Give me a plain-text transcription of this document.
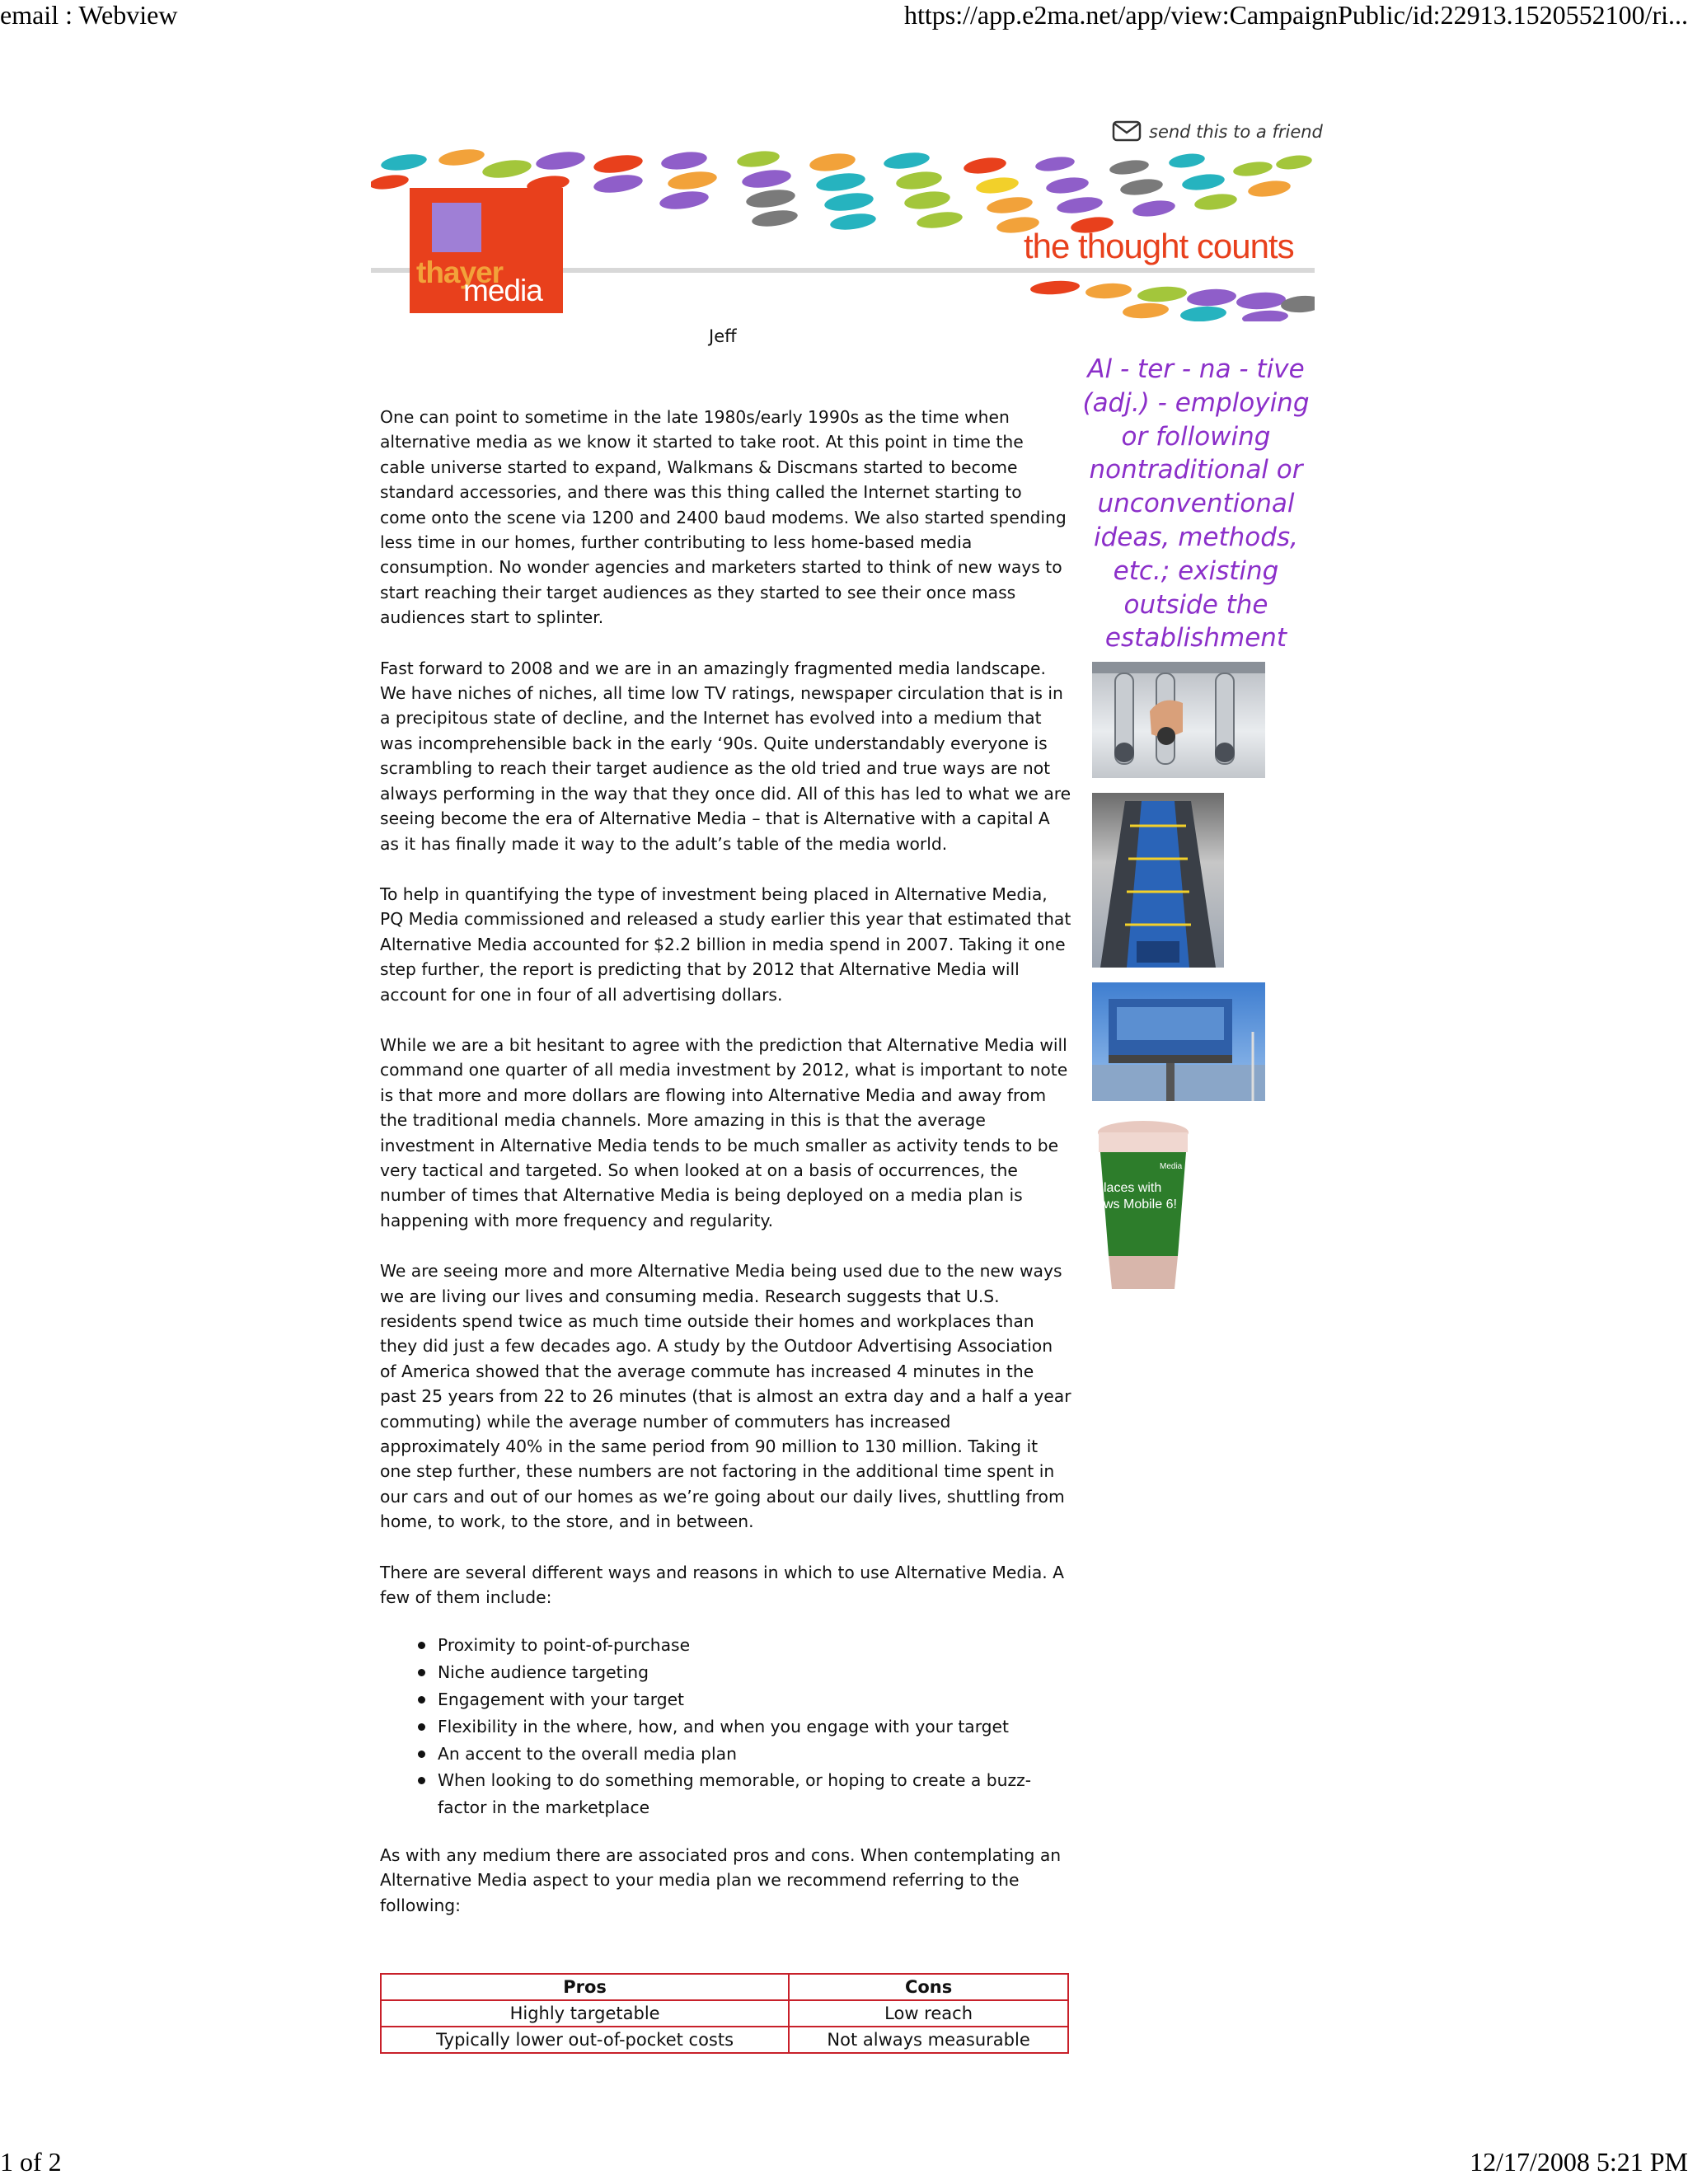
email : Webview	https://app.e2ma.net/app/view:CampaignPublic/id:22913.1520552100/ri...
send this to a friend
thayer
media
the thought counts
Jeff

One can point to sometime in the late 1980s/early 1990s as the time when alternative media as we know it started to take root. At this point in time the cable universe started to expand, Walkmans & Discmans started to become standard accessories, and there was this thing called the Internet starting to come onto the scene via 1200 and 2400 baud modems. We also started spending less time in our homes, further contributing to less home-based media consumption. No wonder agencies and marketers started to think of new ways to start reaching their target audiences as they started to see their once mass audiences start to splinter.

Fast forward to 2008 and we are in an amazingly fragmented media landscape. We have niches of niches, all time low TV ratings, newspaper circulation that is in a precipitous state of decline, and the Internet has evolved into a medium that was incomprehensible back in the early ‘90s. Quite understandably everyone is scrambling to reach their target audience as the old tried and true ways are not always performing in the way that they once did. All of this has led to what we are seeing become the era of Alternative Media – that is Alternative with a capital A as it has finally made it way to the adult’s table of the media world.

To help in quantifying the type of investment being placed in Alternative Media, PQ Media commissioned and released a study earlier this year that estimated that Alternative Media accounted for $2.2 billion in media spend in 2007. Taking it one step further, the report is predicting that by 2012 that Alternative Media will account for one in four of all advertising dollars.

While we are a bit hesitant to agree with the prediction that Alternative Media will command one quarter of all media investment by 2012, what is important to note is that more and more dollars are flowing into Alternative Media and away from the traditional media channels. More amazing in this is that the average investment in Alternative Media tends to be much smaller as activity tends to be very tactical and targeted. So when looked at on a basis of occurrences, the number of times that Alternative Media is being deployed on a media plan is happening with more frequency and regularity.

We are seeing more and more Alternative Media being used due to the new ways we are living our lives and consuming media. Research suggests that U.S. residents spend twice as much time outside their homes and workplaces than they did just a few decades ago. A study by the Outdoor Advertising Association of America showed that the average commute has increased 4 minutes in the past 25 years from 22 to 26 minutes (that is almost an extra day and a half a year commuting) while the average number of commuters has increased approximately 40% in the same period from 90 million to 130 million. Taking it one step further, these numbers are not factoring in the additional time spent in our cars and out of our homes as we’re going about our daily lives, shuttling from home, to work, to the store, and in between.

There are several different ways and reasons in which to use Alternative Media. A few of them include:

Proximity to point-of-purchase
Niche audience targeting
Engagement with your target
Flexibility in the where, how, and when you engage with your target
An accent to the overall media plan
When looking to do something memorable, or hoping to create a buzz-factor in the marketplace

As with any medium there are associated pros and cons. When contemplating an Alternative Media aspect to your media plan we recommend referring to the following:

Pros	Cons
Highly targetable	Low reach
Typically lower out-of-pocket costs	Not always measurable
Al - ter - na - tive (adj.) - employing or following nontraditional or unconventional ideas, methods, etc.; existing outside the establishment
laces with
ws Mobile 6!
Media
1 of 2	12/17/2008 5:21 PM
